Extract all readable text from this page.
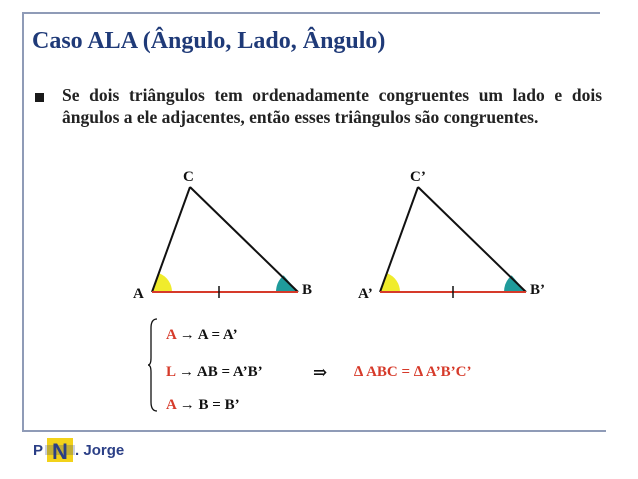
Caso ALA (Ângulo, Lado, Ângulo)
Se dois triângulos tem ordenadamente congruentes um lado e dois ângulos a ele adjacentes, então esses triângulos são congruentes.
A	B
C
A’	B’
C’
A → A = A’
L → AB = A’B’
A → B = B’
⇒ ∆ ABC = ∆ A’B’C’
P N . Jorge
